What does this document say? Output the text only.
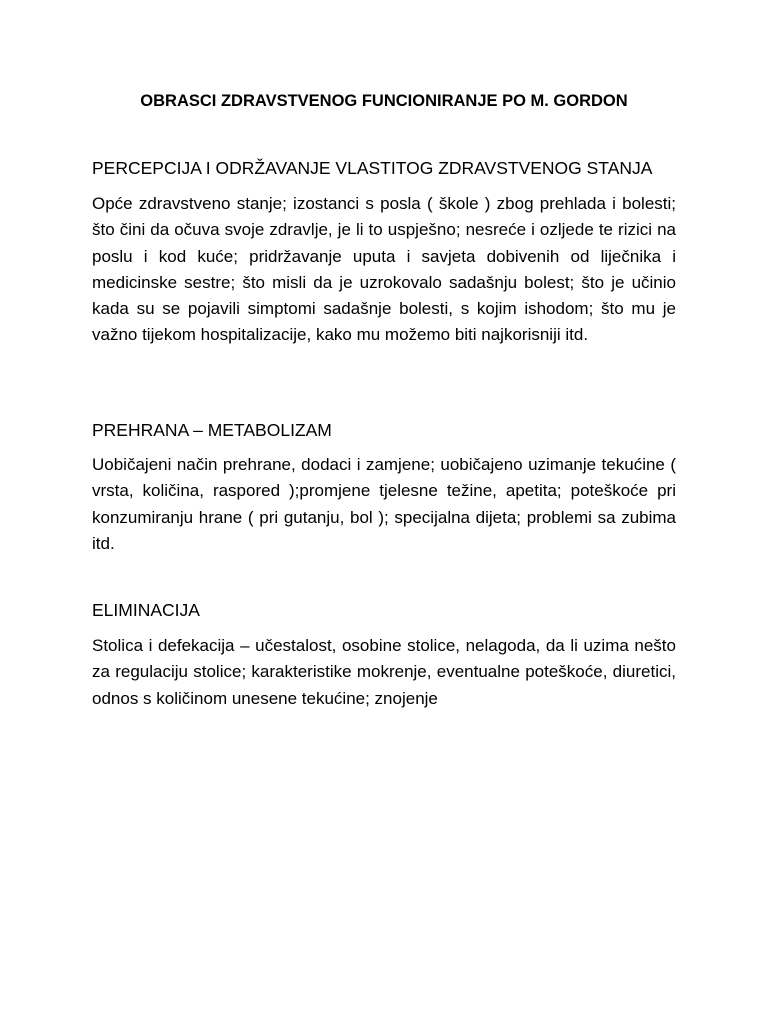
OBRASCI ZDRAVSTVENOG FUNCIONIRANJE PO M. GORDON
PERCEPCIJA I ODRŽAVANJE VLASTITOG ZDRAVSTVENOG STANJA

Opće zdravstveno stanje; izostanci s posla ( škole ) zbog prehlada i bolesti; što čini da očuva svoje zdravlje, je li to uspješno; nesreće i ozljede te rizici na poslu i kod kuće; pridržavanje uputa i savjeta dobivenih od liječnika i medicinske sestre; što misli da je uzrokovalo sadašnju bolest; što je učinio kada su se pojavili simptomi sadašnje bolesti, s kojim ishodom; što mu je važno tijekom hospitalizacije, kako mu možemo biti najkorisniji itd.

PREHRANA – METABOLIZAM

Uobičajeni način prehrane, dodaci i zamjene; uobičajeno uzimanje tekućine ( vrsta, količina, raspored );promjene tjelesne težine, apetita; poteškoće pri konzumiranju hrane ( pri gutanju, bol ); specijalna dijeta; problemi sa zubima itd.

ELIMINACIJA

Stolica i defekacija – učestalost, osobine stolice, nelagoda, da li uzima nešto za regulaciju stolice; karakteristike mokrenje, eventualne poteškoće, diuretici, odnos s količinom unesene tekućine; znojenje
